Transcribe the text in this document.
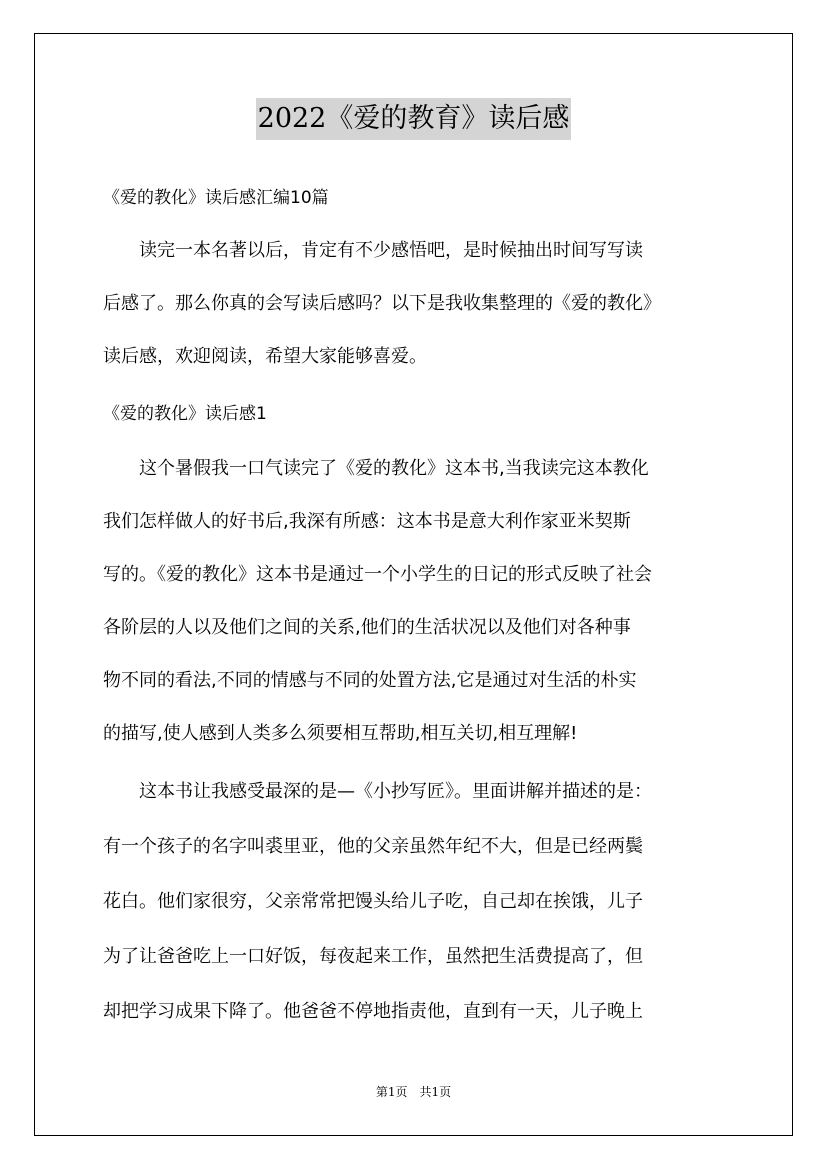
2022《爱的教育》读后感
《爱的教化》读后感汇编10篇
　　读完一本名著以后，肯定有不少感悟吧，是时候抽出时间写写读
后感了。那么你真的会写读后感吗？以下是我收集整理的《爱的教化》
读后感，欢迎阅读，希望大家能够喜爱。
《爱的教化》读后感1
　　这个暑假我一口气读完了《爱的教化》这本书,当我读完这本教化
我们怎样做人的好书后,我深有所感：这本书是意大利作家亚米契斯
写的。《爱的教化》这本书是通过一个小学生的日记的形式反映了社会
各阶层的人以及他们之间的关系,他们的生活状况以及他们对各种事
物不同的看法,不同的情感与不同的处置方法,它是通过对生活的朴实
的描写,使人感到人类多么须要相互帮助,相互关切,相互理解!
　　这本书让我感受最深的是—《小抄写匠》。里面讲解并描述的是：
有一个孩子的名字叫裘里亚，他的父亲虽然年纪不大，但是已经两鬓
花白。他们家很穷，父亲常常把馒头给儿子吃，自己却在挨饿，儿子
为了让爸爸吃上一口好饭，每夜起来工作，虽然把生活费提高了，但
却把学习成果下降了。他爸爸不停地指责他，直到有一天，儿子晚上
第1页 共1页
